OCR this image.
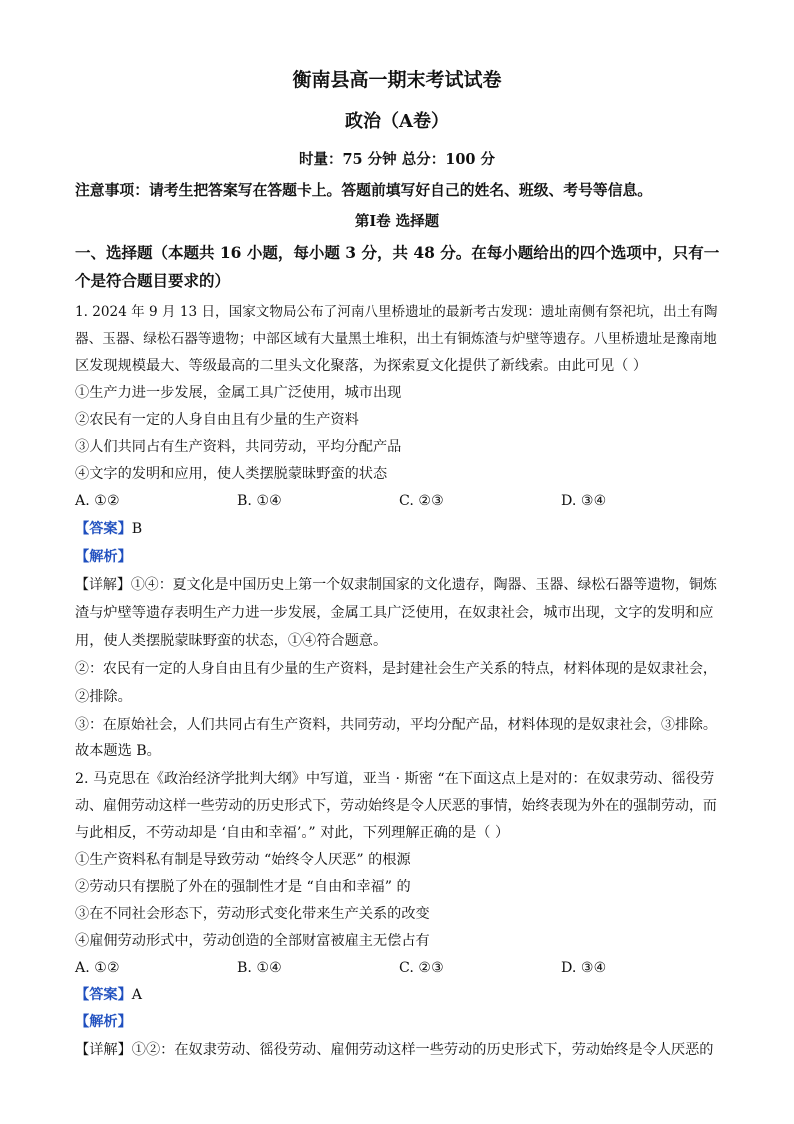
衡南县高一期末考试试卷
政治（A卷）
时量：75 分钟 总分：100 分
注意事项：请考生把答案写在答题卡上。答题前填写好自己的姓名、班级、考号等信息。
第Ⅰ卷 选择题
一、选择题（本题共 16 小题，每小题 3 分，共 48 分。在每小题给出的四个选项中，只有一
个是符合题目要求的）
1. 2024 年 9 月 13 日，国家文物局公布了河南八里桥遗址的最新考古发现：遗址南侧有祭祀坑，出土有陶
器、玉器、绿松石器等遗物；中部区域有大量黑土堆积，出土有铜炼渣与炉壁等遗存。八里桥遗址是豫南地
区发现规模最大、等级最高的二里头文化聚落，为探索夏文化提供了新线索。由此可见（ ）
①生产力进一步发展，金属工具广泛使用，城市出现
②农民有一定的人身自由且有少量的生产资料
③人们共同占有生产资料，共同劳动，平均分配产品
④文字的发明和应用，使人类摆脱蒙昧野蛮的状态
A. ①②	B. ①④	C. ②③	D. ③④
【答案】B
【解析】
【详解】①④：夏文化是中国历史上第一个奴隶制国家的文化遗存，陶器、玉器、绿松石器等遗物，铜炼
渣与炉壁等遗存表明生产力进一步发展，金属工具广泛使用，在奴隶社会，城市出现，文字的发明和应
用，使人类摆脱蒙昧野蛮的状态，①④符合题意。
②：农民有一定的人身自由且有少量的生产资料，是封建社会生产关系的特点，材料体现的是奴隶社会，
②排除。
③：在原始社会，人们共同占有生产资料，共同劳动，平均分配产品，材料体现的是奴隶社会，③排除。
故本题选 B。
2. 马克思在《政治经济学批判大纲》中写道，亚当 · 斯密 “在下面这点上是对的：在奴隶劳动、徭役劳
动、雇佣劳动这样一些劳动的历史形式下，劳动始终是令人厌恶的事情，始终表现为外在的强制劳动，而
与此相反，不劳动却是 ‘自由和幸福’。” 对此，下列理解正确的是（ ）
①生产资料私有制是导致劳动 “始终令人厌恶” 的根源
②劳动只有摆脱了外在的强制性才是 “自由和幸福” 的
③在不同社会形态下，劳动形式变化带来生产关系的改变
④雇佣劳动形式中，劳动创造的全部财富被雇主无偿占有
A. ①②	B. ①④	C. ②③	D. ③④
【答案】A
【解析】
【详解】①②：在奴隶劳动、徭役劳动、雇佣劳动这样一些劳动的历史形式下，劳动始终是令人厌恶的
